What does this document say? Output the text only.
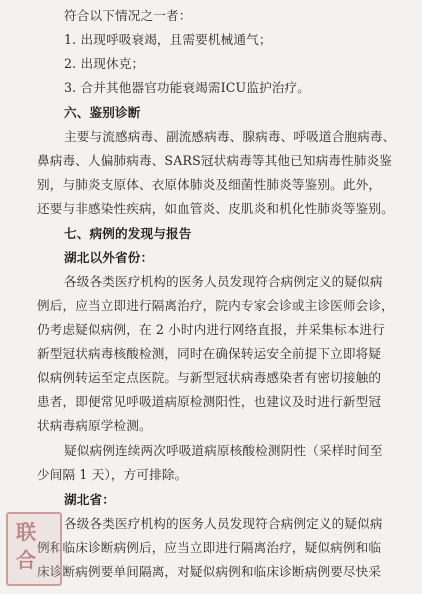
符合以下情况之一者：
1. 出现呼吸衰竭，且需要机械通气；
2. 出现休克；
3. 合并其他器官功能衰竭需ICU监护治疗。
六、鉴别诊断
主要与流感病毒、副流感病毒、腺病毒、呼吸道合胞病毒、
鼻病毒、人偏肺病毒、SARS冠状病毒等其他已知病毒性肺炎鉴
别，与肺炎支原体、衣原体肺炎及细菌性肺炎等鉴别。此外，
还要与非感染性疾病，如血管炎、皮肌炎和机化性肺炎等鉴别。
七、病例的发现与报告
湖北以外省份：
各级各类医疗机构的医务人员发现符合病例定义的疑似病
例后，应当立即进行隔离治疗，院内专家会诊或主诊医师会诊，
仍考虑疑似病例，在 2 小时内进行网络直报，并采集标本进行
新型冠状病毒核酸检测，同时在确保转运安全前提下立即将疑
似病例转运至定点医院。与新型冠状病毒感染者有密切接触的
患者，即便常见呼吸道病原检测阳性，也建议及时进行新型冠
状病毒病原学检测。
疑似病例连续两次呼吸道病原核酸检测阴性（采样时间至
少间隔 1 天），方可排除。
湖北省：
各级各类医疗机构的医务人员发现符合病例定义的疑似病
例和临床诊断病例后，应当立即进行隔离治疗，疑似病例和临
床诊断病例要单间隔离，对疑似病例和临床诊断病例要尽快采
联
合
